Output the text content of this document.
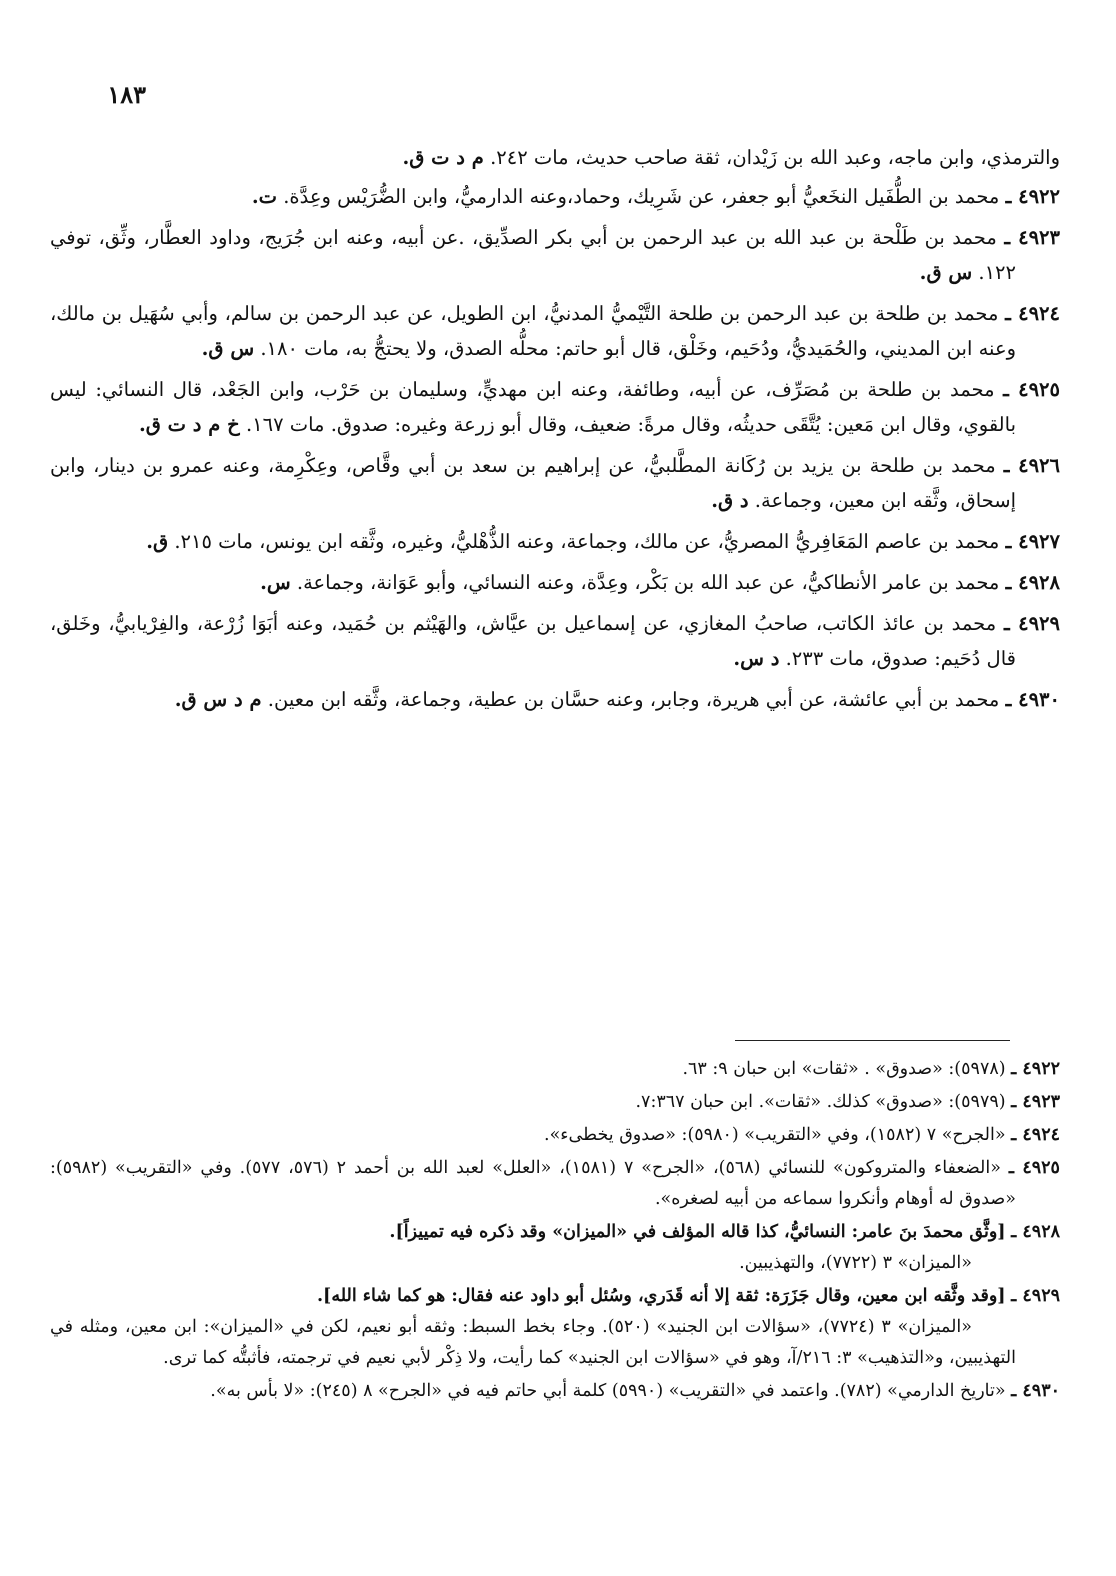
١٨٣

والترمذي، وابن ماجه، وعبد الله بن زَيْدان، ثقة صاحب حديث، مات ٢٤٢. م د ت ق.

٤٩٢٢ ـ محمد بن الطُّفَيل النخَعيُّ أبو جعفر، عن شَرِيك، وحماد،وعنه الدارميُّ، وابن الضُّرَيْس وعِدَّة. ت.

٤٩٢٣ ـ محمد بن طَلْحة بن عبد الله بن عبد الرحمن بن أبي بكر الصدِّيق، .عن أبيه، وعنه ابن جُرَيج، وداود العطَّار، وثِّق، توفي ١٢٢. س ق.

٤٩٢٤ ـ محمد بن طلحة بن عبد الرحمن بن طلحة التَّيْميُّ المدنيُّ، ابن الطويل، عن عبد الرحمن بن سالم، وأبي سُهَيل بن مالك، وعنه ابن المديني، والحُمَيديُّ، ودُحَيم، وخَلْق، قال أبو حاتم: محلُّه الصدق، ولا يحتجُّ به، مات ١٨٠. س ق.

٤٩٢٥ ـ محمد بن طلحة بن مُصَرِّف، عن أبيه، وطائفة، وعنه ابن مهديٍّ، وسليمان بن حَرْب، وابن الجَعْد، قال النسائي: ليس بالقوي، وقال ابن مَعين: يُتَّقَى حديثُه، وقال مرةً: ضعيف، وقال أبو زرعة وغيره: صدوق. مات ١٦٧. خ م د ت ق.

٤٩٢٦ ـ محمد بن طلحة بن يزيد بن رُكَانة المطَّلبيُّ، عن إبراهيم بن سعد بن أبي وقَّاص، وعِكْرِمة، وعنه عمرو بن دينار، وابن إسحاق، وثَّقه ابن معين، وجماعة. د ق.

٤٩٢٧ ـ محمد بن عاصم المَعَافِريُّ المصريُّ، عن مالك، وجماعة، وعنه الذُّهْليُّ، وغيره، وثَّقه ابن يونس، مات ٢١٥. ق.

٤٩٢٨ ـ محمد بن عامر الأنطاكيُّ، عن عبد الله بن بَكْر، وعِدَّة، وعنه النسائي، وأبو عَوَانة، وجماعة. س.

٤٩٢٩ ـ محمد بن عائذ الكاتب، صاحبُ المغازي، عن إسماعيل بن عيَّاش، والهَيْثم بن حُمَيد، وعنه أبَوَا زُرْعة، والفِرْيابيُّ، وخَلق، قال دُحَيم: صدوق، مات ٢٣٣. د س.

٤٩٣٠ ـ محمد بن أبي عائشة، عن أبي هريرة، وجابر، وعنه حسَّان بن عطية، وجماعة، وثَّقه ابن معين. م د س ق.

٤٩٢٢ ـ (٥٩٧٨): «صدوق» . «ثقات» ابن حبان ٩: ٦٣.

٤٩٢٣ ـ (٥٩٧٩): «صدوق» كذلك. «ثقات». ابن حبان ٧:٣٦٧.

٤٩٢٤ ـ «الجرح» ٧ (١٥٨٢)، وفي «التقريب» (٥٩٨٠): «صدوق يخطىء».

٤٩٢٥ ـ «الضعفاء والمتروكون» للنسائي (٥٦٨)، «الجرح» ٧ (١٥٨١)، «العلل» لعبد الله بن أحمد ٢ (٥٧٦، ٥٧٧). وفي «التقريب» (٥٩٨٢): «صدوق له أوهام وأنكروا سماعه من أبيه لصغره».

٤٩٢٨ ـ [وثَّق محمدَ بنَ عامر: النسائيُّ، كذا قاله المؤلف في «الميزان» وقد ذكره فيه تمييزاً].
«الميزان» ٣ (٧٧٢٢)، والتهذيبين.

٤٩٢٩ ـ [وقد وثَّقه ابن معين، وقال جَزَرَة: ثقة إلا أنه قَدَري، وسُئل أبو داود عنه فقال: هو كما شاء الله].
«الميزان» ٣ (٧٧٢٤)، «سؤالات ابن الجنيد» (٥٢٠). وجاء بخط السبط: وثقه أبو نعيم، لكن في «الميزان»: ابن معين، ومثله في التهذيبين، و«التذهيب» ٣: ٢١٦/آ، وهو في «سؤالات ابن الجنيد» كما رأيت، ولا ذِكْر لأبي نعيم في ترجمته، فأثبتُّه كما ترى.

٤٩٣٠ ـ «تاريخ الدارمي» (٧٨٢). واعتمد في «التقريب» (٥٩٩٠) كلمة أبي حاتم فيه في «الجرح» ٨ (٢٤٥): «لا بأس به».
